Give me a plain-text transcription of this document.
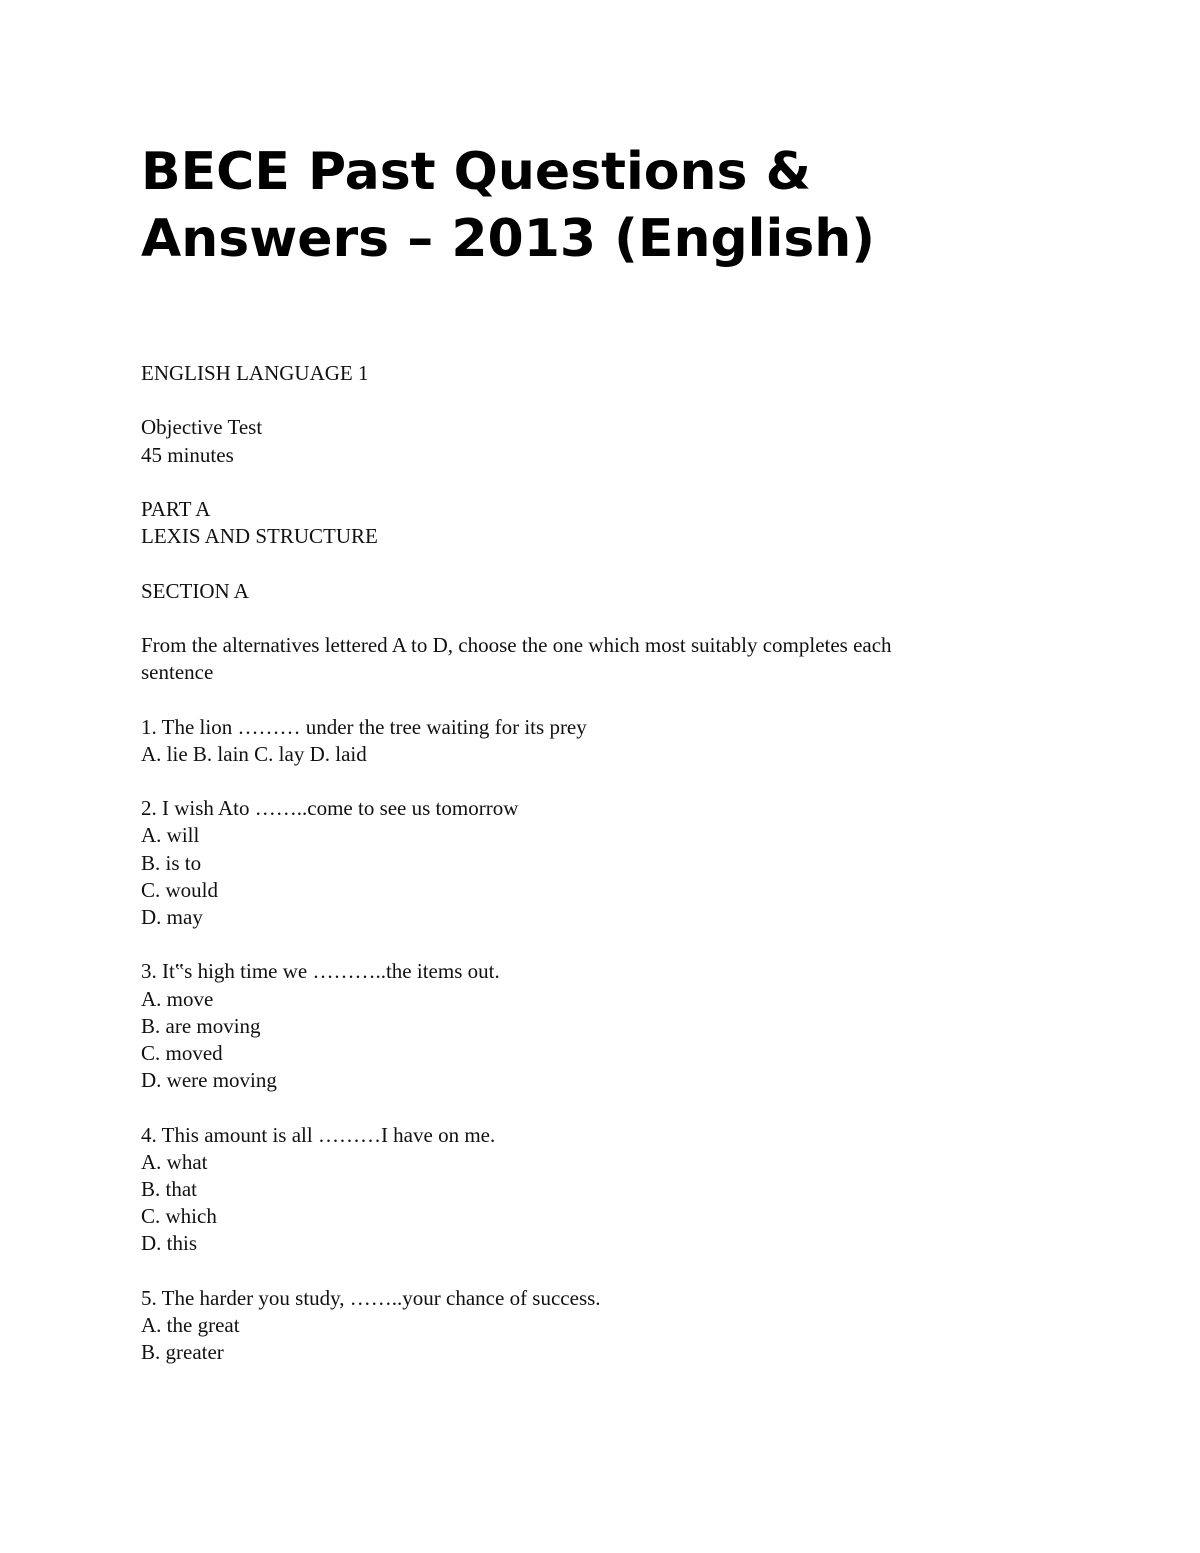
BECE Past Questions &
Answers – 2013 (English)
ENGLISH LANGUAGE 1
Objective Test
45 minutes
PART A
LEXIS AND STRUCTURE
SECTION A
From the alternatives lettered A to D, choose the one which most suitably completes each
sentence
1. The lion ……… under the tree waiting for its prey
A. lie B. lain C. lay D. laid
2. I wish Ato ……..come to see us tomorrow
A. will
B. is to
C. would
D. may
3. It‟s high time we ………..the items out.
A. move
B. are moving
C. moved
D. were moving
4. This amount is all ………I have on me.
A. what
B. that
C. which
D. this
5. The harder you study, ……..your chance of success.
A. the great
B. greater
